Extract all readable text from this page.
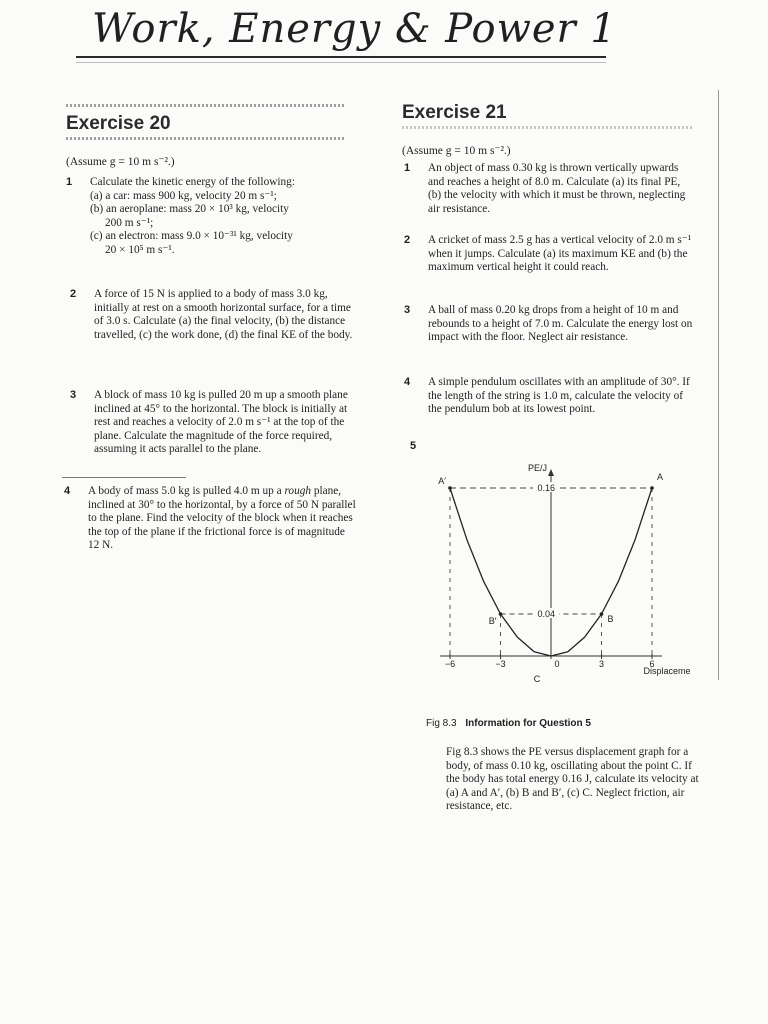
Work, Energy & Power 1
Exercise 20

(Assume g = 10 m s⁻².)

1 Calculate the kinetic energy of the following:
(a) a car: mass 900 kg, velocity 20 m s⁻¹;
(b) an aeroplane: mass 20 × 10³ kg, velocity
200 m s⁻¹;
(c) an electron: mass 9.0 × 10⁻³¹ kg, velocity
20 × 10⁵ m s⁻¹.
2 A force of 15 N is applied to a body of mass 3.0 kg, initially at rest on a smooth horizontal surface, for a time of 3.0 s. Calculate (a) the final velocity, (b) the distance travelled, (c) the work done, (d) the final KE of the body.
3 A block of mass 10 kg is pulled 20 m up a smooth plane inclined at 45° to the horizontal. The block is initially at rest and reaches a velocity of 2.0 m s⁻¹ at the top of the plane. Calculate the magnitude of the force required, assuming it acts parallel to the plane.
4 A body of mass 5.0 kg is pulled 4.0 m up a rough plane, inclined at 30° to the horizontal, by a force of 50 N parallel to the plane. Find the velocity of the block when it reaches the top of the plane if the frictional force is of magnitude 12 N.
Exercise 21

(Assume g = 10 m s⁻².)

1 An object of mass 0.30 kg is thrown vertically upwards and reaches a height of 8.0 m. Calculate (a) its final PE, (b) the velocity with which it must be thrown, neglecting air resistance.
2 A cricket of mass 2.5 g has a vertical velocity of 2.0 m s⁻¹ when it jumps. Calculate (a) its maximum KE and (b) the maximum vertical height it could reach.
3 A ball of mass 0.20 kg drops from a height of 10 m and rebounds to a height of 7.0 m. Calculate the energy lost on impact with the floor. Neglect air resistance.
4 A simple pendulum oscillates with an amplitude of 30°. If the length of the string is 1.0 m, calculate the velocity of the pendulum bob at its lowest point.
5
PE/J
Displaceme
−6	−3	0	3	6
0.16
0.04
A′	A
B′	B
C
Fig 8.3 Information for Question 5
Fig 8.3 shows the PE versus displacement graph for a body, of mass 0.10 kg, oscillating about the point C. If the body has total energy 0.16 J, calculate its velocity at (a) A and A′, (b) B and B′, (c) C. Neglect friction, air resistance, etc.
